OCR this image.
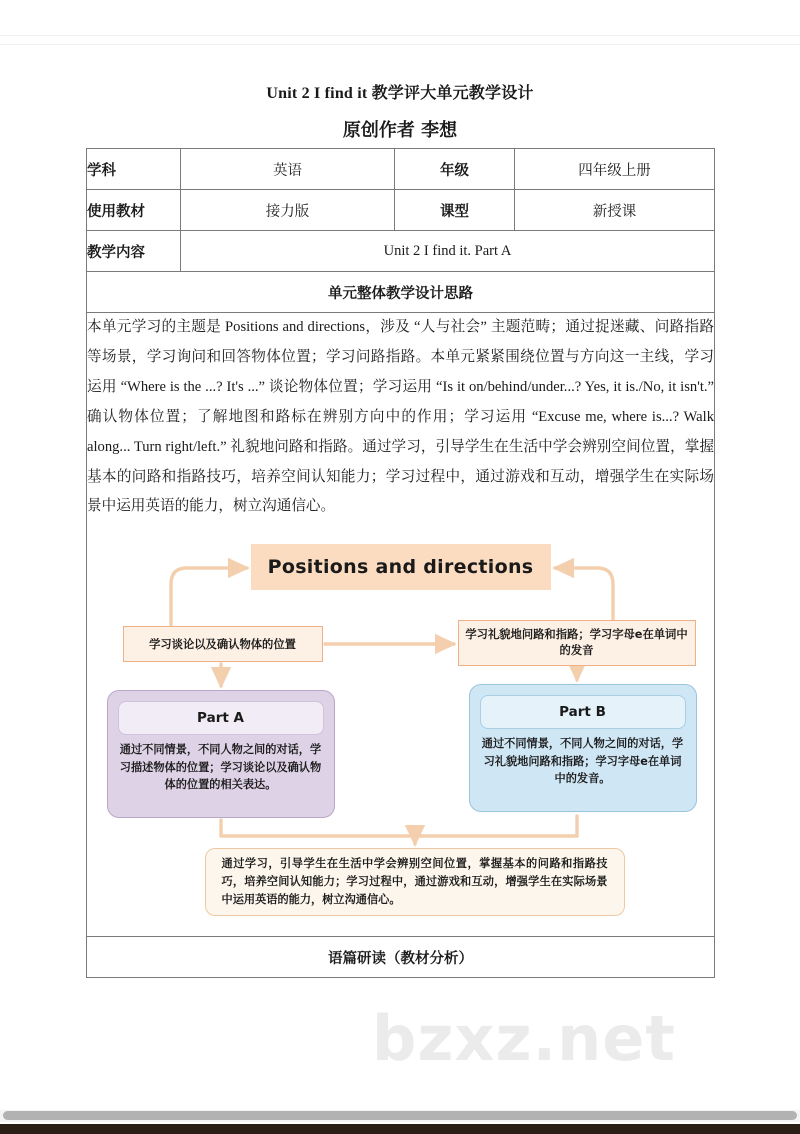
bzxz.net
Unit 2 I find it 教学评大单元教学设计
原创作者 李想
学科	英语	年级	四年级上册
使用教材	接力版	课型	新授课
教学内容	Unit 2 I find it. Part A		
单元整体教学设计思路			

本单元学习的主题是 Positions and directions，涉及 “人与社会” 主题范畴；通过捉迷藏、问路指路等场景，学习询问和回答物体位置；学习问路指路。本单元紧紧围绕位置与方向这一主线，学习运用 “Where is the ...? It's ...” 谈论物体位置；学习运用 “Is it on/behind/under...? Yes, it is./No, it isn't.” 确认物体位置；了解地图和路标在辨别方向中的作用；学习运用 “Excuse me, where is...? Walk along... Turn right/left.” 礼貌地问路和指路。通过学习，引导学生在生活中学会辨别空间位置，掌握基本的问路和指路技巧，培养空间认知能力；学习过程中，通过游戏和互动，增强学生在实际场景中运用英语的能力，树立沟通信心。

Positions and directions
学习谈论以及确认物体的位置
学习礼貌地问路和指路；学习字母e在单词中的发音
Part A
通过不同情景，不同人物之间的对话，学习描述物体的位置；学习谈论以及确认物体的位置的相关表达。
Part B
通过不同情景，不同人物之间的对话，学习礼貌地问路和指路；学习字母e在单词中的发音。
通过学习，引导学生在生活中学会辨别空间位置，掌握基本的问路和指路技巧，培养空间认知能力；学习过程中，通过游戏和互动，增强学生在实际场景中运用英语的能力，树立沟通信心。

语篇研读（教材分析）			
